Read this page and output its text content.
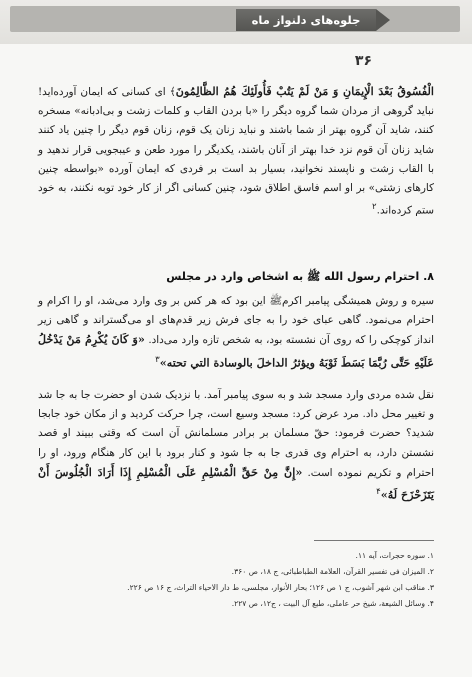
جلوه‌های دلنواز ماه
۳۶
الْفُسُوقُ بَعْدَ الْإِيمَانِ وَ مَنْ لَمْ يَتُبْ فَأُولَئِكَ هُمُ الظَّالِمُونَ﴾ ای کسانی که ایمان آورده‌اید! نباید گروهی از مردان شما گروه دیگر را «با بردن القاب و کلمات زشت و بی‌ادبانه» مسخره کنند، شاید آن گروه بهتر از شما باشند و نباید زنان یک قوم، زنان قوم دیگر را چنین یاد کنند شاید زنان آن قوم نزد خدا بهتر از آنان باشند، یکدیگر را مورد طعن و عیبجویی قرار ندهید و با القاب زشت و ناپسند نخوانید، بسیار بد است بر فردی که ایمان آورده «بواسطه چنین کارهای زشتی» بر او اسم فاسق اطلاق شود، چنین کسانی اگر از کار خود توبه نکنند، به خود ستم کرده‌اند.$^۲$
۸. احترام رسول الله ﷺ به اشخاص وارد در مجلس
سیره و روش همیشگی پیامبر اکرمﷺ این بود که هر کس بر وی وارد می‌شد، او را اکرام و احترام می‌نمود. گاهی عبای خود را به جای فرش زیر قدم‌های او می‌گستراند و گاهی زیر انداز کوچکی را که روی آن نشسته بود، به شخص تازه وارد می‌داد. «وَ كَانَ يُكْرِمُ مَنْ يَدْخُلُ عَلَيْهِ حَتَّى رُبَّمَا بَسَطَ ثَوْبَهُ ويؤثرُ الداخلَ بالوسادة التي تحته»$^۳$
نقل شده مردی وارد مسجد شد و به سوی پیامبر آمد. با نزدیک شدن او حضرت جا به جا شد و تغییر محل داد. مرد عرض کرد: مسجد وسیع است، چرا حرکت کردید و از مکان خود جابجا شدید؟ حضرت فرمود: حقّ مسلمان بر برادر مسلمانش آن است که وقتی ببیند او قصد نشستن دارد، به احترام وی قدری جا به جا شود و کنار برود با این کار هنگام ورود، او را احترام و تکریم نموده است. «إِنَّ مِنْ حَقِّ الْمُسْلِمِ عَلَى الْمُسْلِمِ إِذَا أَرَادَ الْجُلُوسَ أَنْ يَتَزَحْزَحَ لَهُ»$^۴$
۱. سوره حجرات، آیه ۱۱.
۲. المیزان فی تفسیر القرآن، العلامة الطباطبائی، ج ۱۸، ص ۳۶۰.
۳. مناقب ابن شهر آشوب، ج ۱ ص ۱۲۶؛ بحار الأنوار، مجلسی، ط دار الاحیاء التراث، ج ۱۶ ص ۲۲۶.
۴. وسائل الشیعة، شیخ حر عاملی، طبع آل البیت ، ج۱۲، ص ۲۲۷.
